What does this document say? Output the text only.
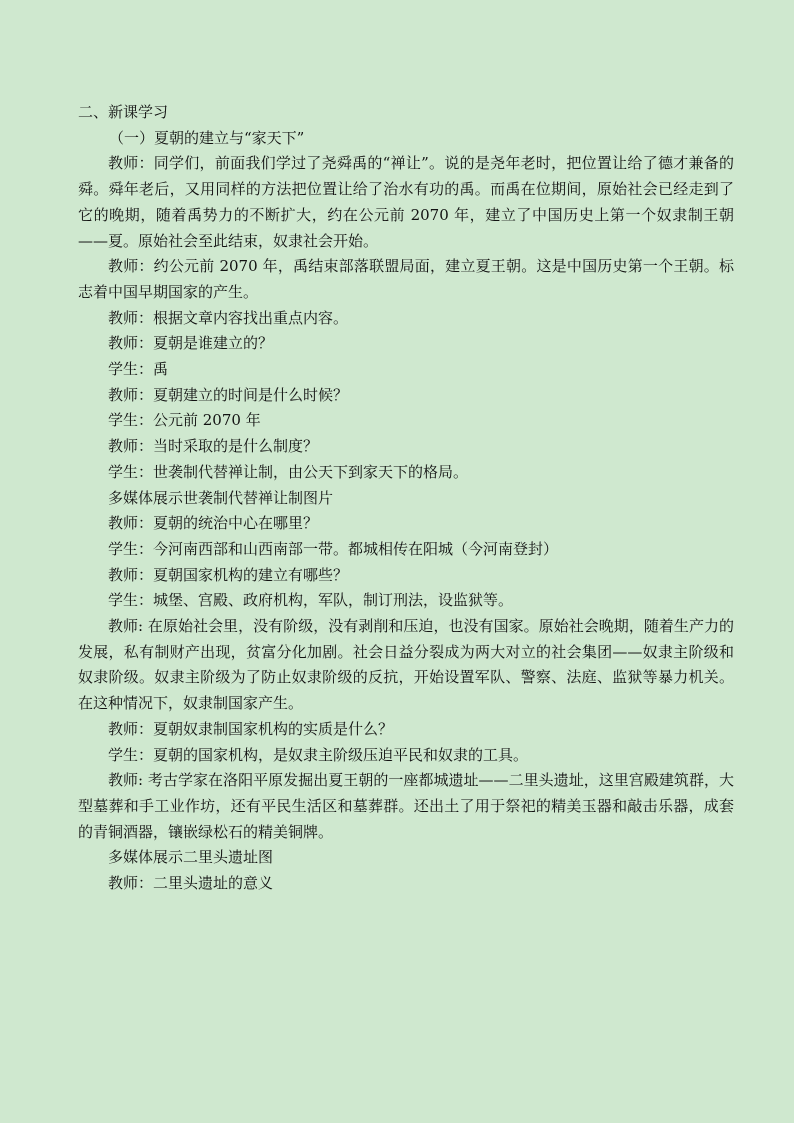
二、新课学习

（一）夏朝的建立与“家天下”

教师：同学们，前面我们学过了尧舜禹的“禅让”。说的是尧年老时，把位置让给了德才兼备的舜。舜年老后，又用同样的方法把位置让给了治水有功的禹。而禹在位期间，原始社会已经走到了它的晚期，随着禹势力的不断扩大，约在公元前 2070 年，建立了中国历史上第一个奴隶制王朝——夏。原始社会至此结束，奴隶社会开始。

教师：约公元前 2070 年，禹结束部落联盟局面，建立夏王朝。这是中国历史第一个王朝。标志着中国早期国家的产生。

教师：根据文章内容找出重点内容。

教师：夏朝是谁建立的？

学生：禹

教师：夏朝建立的时间是什么时候？

学生：公元前 2070 年

教师：当时采取的是什么制度？

学生：世袭制代替禅让制，由公天下到家天下的格局。

多媒体展示世袭制代替禅让制图片

教师：夏朝的统治中心在哪里？

学生：今河南西部和山西南部一带。都城相传在阳城（今河南登封）

教师：夏朝国家机构的建立有哪些？

学生：城堡、宫殿、政府机构，军队，制订刑法，设监狱等。

教师: 在原始社会里，没有阶级，没有剥削和压迫，也没有国家。原始社会晚期，随着生产力的发展，私有制财产出现，贫富分化加剧。社会日益分裂成为两大对立的社会集团——奴隶主阶级和奴隶阶级。奴隶主阶级为了防止奴隶阶级的反抗，开始设置军队、警察、法庭、监狱等暴力机关。在这种情况下，奴隶制国家产生。

教师：夏朝奴隶制国家机构的实质是什么？

学生：夏朝的国家机构，是奴隶主阶级压迫平民和奴隶的工具。

教师: 考古学家在洛阳平原发掘出夏王朝的一座都城遗址——二里头遗址，这里宫殿建筑群，大型墓葬和手工业作坊，还有平民生活区和墓葬群。还出土了用于祭祀的精美玉器和敲击乐器，成套的青铜酒器，镶嵌绿松石的精美铜牌。

多媒体展示二里头遗址图

教师：二里头遗址的意义
